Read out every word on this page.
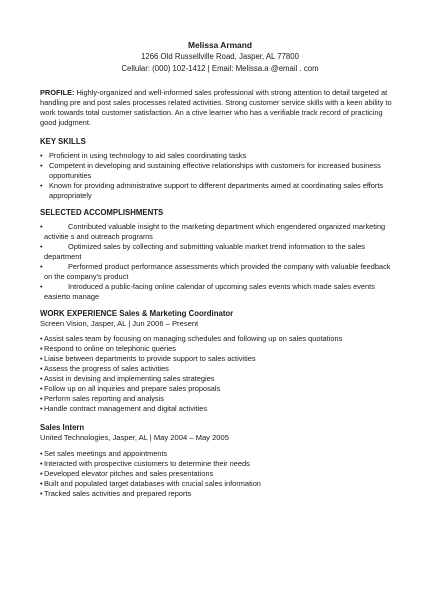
Melissa Armand
1266 Old Russellville Road, Jasper, AL 77800
Cellular: (000) 102-1412 | Email: Melissa.a @email . com
PROFILE: Highly-organized and well-informed sales professional with strong attention to detail targeted at handling pre and post sales processes related activities. Strong customer service skills with a keen ability to work towards total customer satisfaction. An a ctive learner who has a verifiable track record of practicing good judgment.
KEY SKILLS
• Proficient in using technology to aid sales coordinating tasks
• Competent in developing and sustaining effective relationships with customers for increased business opportunities
• Known for providing administrative support to different departments aimed at coordinating sales efforts appropriately
SELECTED ACCOMPLISHMENTS
•	Contributed valuable insight to the marketing department which engendered organized marketing activitie s and outreach programs
•	Optimized sales by collecting and submitting valuable market trend information to the sales department
•	Performed product performance assessments which provided the company with valuable feedback on the company's product
•	Introduced a public-facing online calendar of upcoming sales events which made sales events easierto manage
WORK EXPERIENCE Sales & Marketing Coordinator
Screen Vision, Jasper, AL | Jun 2006 – Present
• Assist sales team by focusing on managing schedules and following up on sales quotations
• Respond to online on telephonic queries
• Liaise between departments to provide support to sales activities
• Assess the progress of sales activities
• Assist in devising and implementing sales strategies
• Follow up on all inquiries and prepare sales proposals
• Perform sales reporting and analysis
• Handle contract management and digital activities
Sales Intern
United Technologies, Jasper, AL | May 2004 – May 2005
• Set sales meetings and appointments
• Interacted with prospective customers to determine their needs
• Developed elevator pitches and sales presentations
• Built and populated target databases with crucial sales information
• Tracked sales activities and prepared reports
